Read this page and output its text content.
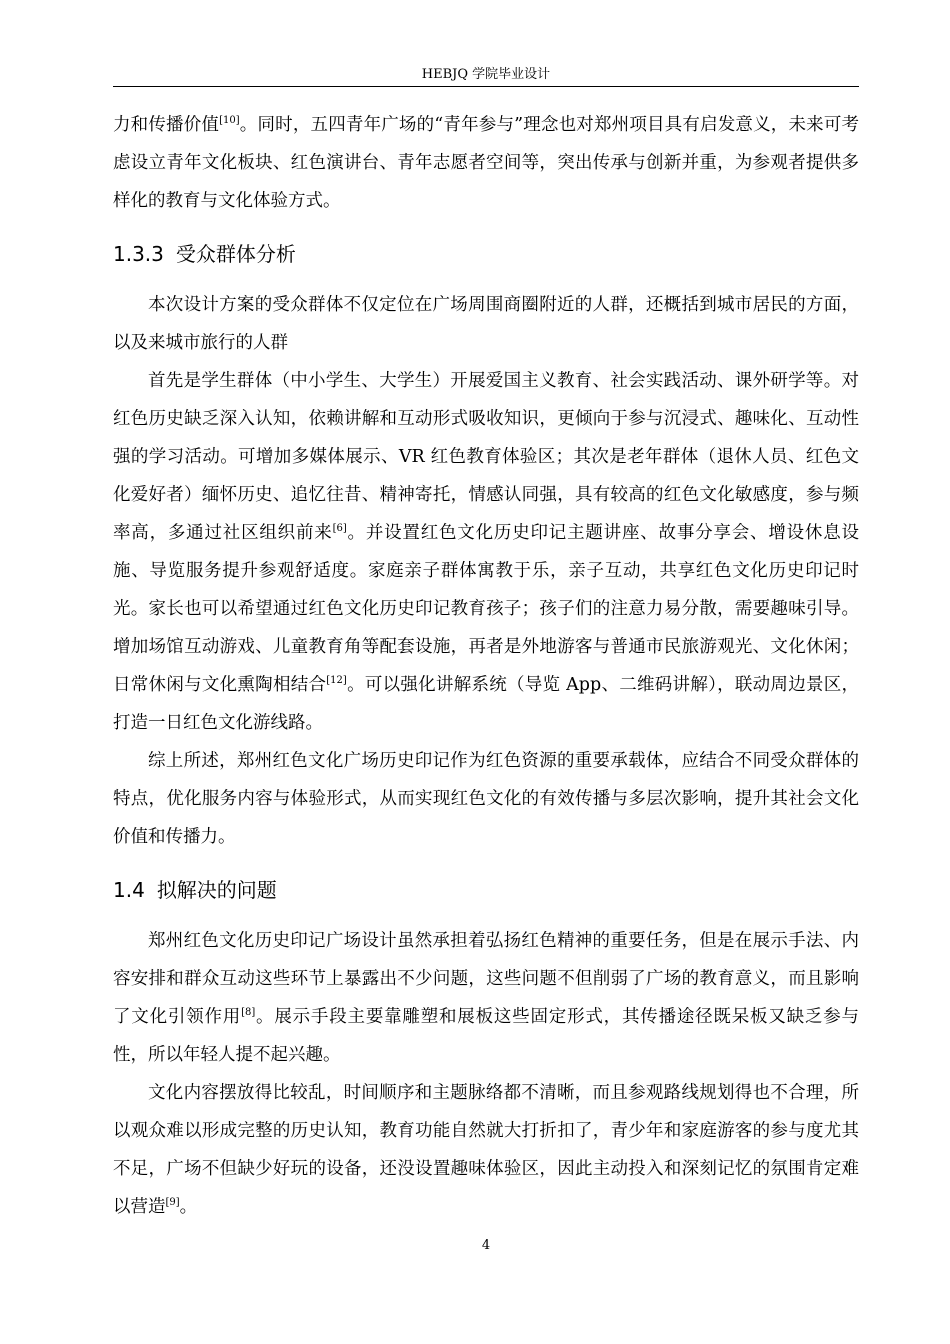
HEBJQ 学院毕业设计

力和传播价值[10]。同时，五四青年广场的“青年参与”理念也对郑州项目具有启发意义，未来可考虑设立青年文化板块、红色演讲台、青年志愿者空间等，突出传承与创新并重，为参观者提供多样化的教育与文化体验方式。

1.3.3 受众群体分析

本次设计方案的受众群体不仅定位在广场周围商圈附近的人群，还概括到城市居民的方面，以及来城市旅行的人群

首先是学生群体（中小学生、大学生）开展爱国主义教育、社会实践活动、课外研学等。对红色历史缺乏深入认知，依赖讲解和互动形式吸收知识，更倾向于参与沉浸式、趣味化、互动性强的学习活动。可增加多媒体展示、VR 红色教育体验区；其次是老年群体（退休人员、红色文化爱好者）缅怀历史、追忆往昔、精神寄托，情感认同强，具有较高的红色文化敏感度，参与频率高，多通过社区组织前来[6]。并设置红色文化历史印记主题讲座、故事分享会、增设休息设施、导览服务提升参观舒适度。家庭亲子群体寓教于乐，亲子互动，共享红色文化历史印记时光。家长也可以希望通过红色文化历史印记教育孩子；孩子们的注意力易分散，需要趣味引导。增加场馆互动游戏、儿童教育角等配套设施，再者是外地游客与普通市民旅游观光、文化休闲；日常休闲与文化熏陶相结合[12]。可以强化讲解系统（导览 App、二维码讲解），联动周边景区，打造一日红色文化游线路。

综上所述，郑州红色文化广场历史印记作为红色资源的重要承载体，应结合不同受众群体的特点，优化服务内容与体验形式，从而实现红色文化的有效传播与多层次影响，提升其社会文化价值和传播力。

1.4 拟解决的问题

郑州红色文化历史印记广场设计虽然承担着弘扬红色精神的重要任务，但是在展示手法、内容安排和群众互动这些环节上暴露出不少问题，这些问题不但削弱了广场的教育意义，而且影响了文化引领作用[8]。展示手段主要靠雕塑和展板这些固定形式，其传播途径既呆板又缺乏参与性，所以年轻人提不起兴趣。

文化内容摆放得比较乱，时间顺序和主题脉络都不清晰，而且参观路线规划得也不合理，所以观众难以形成完整的历史认知，教育功能自然就大打折扣了，青少年和家庭游客的参与度尤其不足，广场不但缺少好玩的设备，还没设置趣味体验区，因此主动投入和深刻记忆的氛围肯定难以营造[9]。

4
